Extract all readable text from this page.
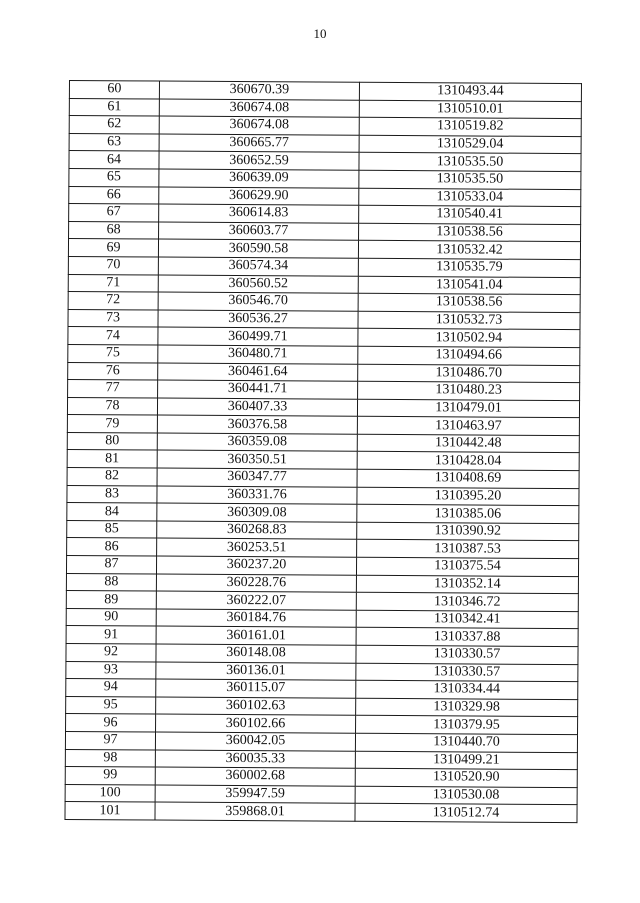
10
60	360670.39	1310493.44
61	360674.08	1310510.01
62	360674.08	1310519.82
63	360665.77	1310529.04
64	360652.59	1310535.50
65	360639.09	1310535.50
66	360629.90	1310533.04
67	360614.83	1310540.41
68	360603.77	1310538.56
69	360590.58	1310532.42
70	360574.34	1310535.79
71	360560.52	1310541.04
72	360546.70	1310538.56
73	360536.27	1310532.73
74	360499.71	1310502.94
75	360480.71	1310494.66
76	360461.64	1310486.70
77	360441.71	1310480.23
78	360407.33	1310479.01
79	360376.58	1310463.97
80	360359.08	1310442.48
81	360350.51	1310428.04
82	360347.77	1310408.69
83	360331.76	1310395.20
84	360309.08	1310385.06
85	360268.83	1310390.92
86	360253.51	1310387.53
87	360237.20	1310375.54
88	360228.76	1310352.14
89	360222.07	1310346.72
90	360184.76	1310342.41
91	360161.01	1310337.88
92	360148.08	1310330.57
93	360136.01	1310330.57
94	360115.07	1310334.44
95	360102.63	1310329.98
96	360102.66	1310379.95
97	360042.05	1310440.70
98	360035.33	1310499.21
99	360002.68	1310520.90
100	359947.59	1310530.08
101	359868.01	1310512.74
